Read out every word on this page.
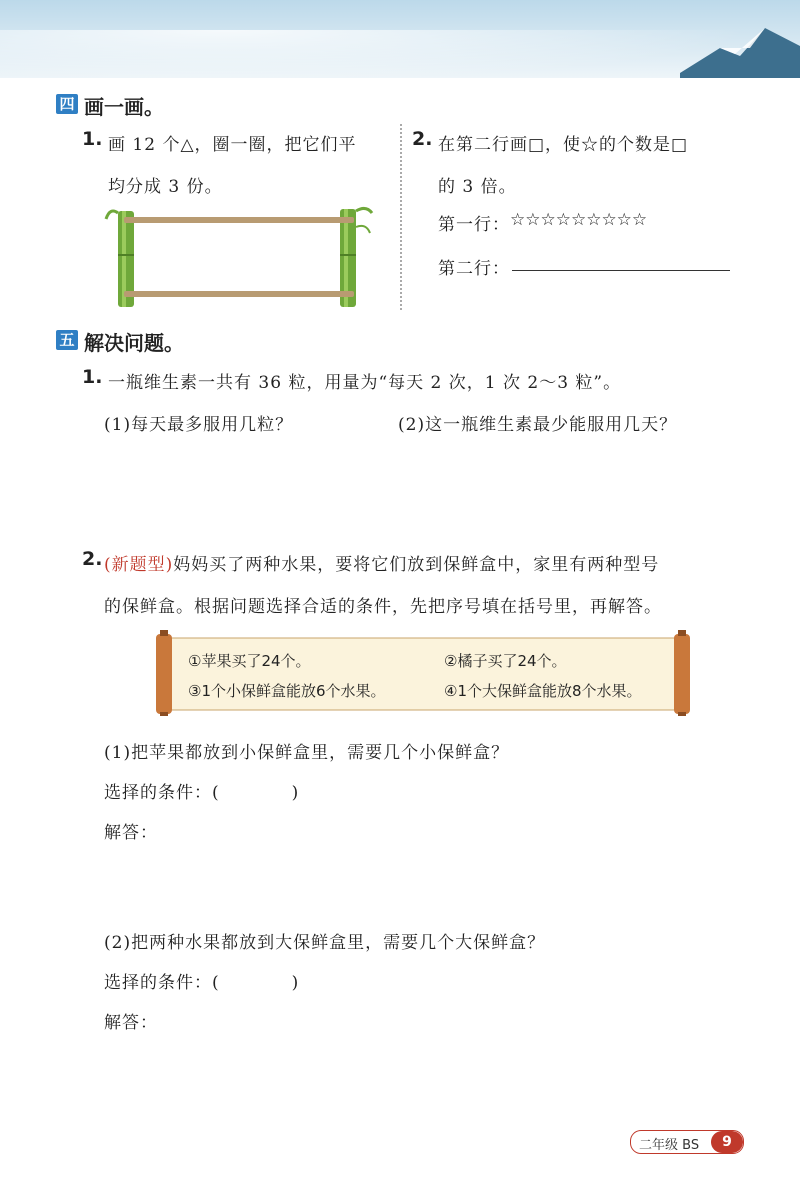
四 画一画。
1. 画 12 个△，圈一圈，把它们平
均分成 3 份。
2. 在第二行画□，使☆的个数是□
的 3 倍。
第一行： ☆☆☆☆☆☆☆☆☆
第二行：
五 解决问题。
1. 一瓶维生素一共有 36 粒，用量为“每天 2 次，1 次 2～3 粒”。
(1)每天最多服用几粒？	(2)这一瓶维生素最少能服用几天？
2. (新题型)妈妈买了两种水果，要将它们放到保鲜盒中，家里有两种型号
的保鲜盒。根据问题选择合适的条件，先把序号填在括号里，再解答。
①苹果买了24个。	②橘子买了24个。
③1个小保鲜盒能放6个水果。	④1个大保鲜盒能放8个水果。
(1)把苹果都放到小保鲜盒里，需要几个小保鲜盒？
选择的条件：(　　　　)
解答：
(2)把两种水果都放到大保鲜盒里，需要几个大保鲜盒？
选择的条件：(　　　　)
解答：
二年级 BS	9
